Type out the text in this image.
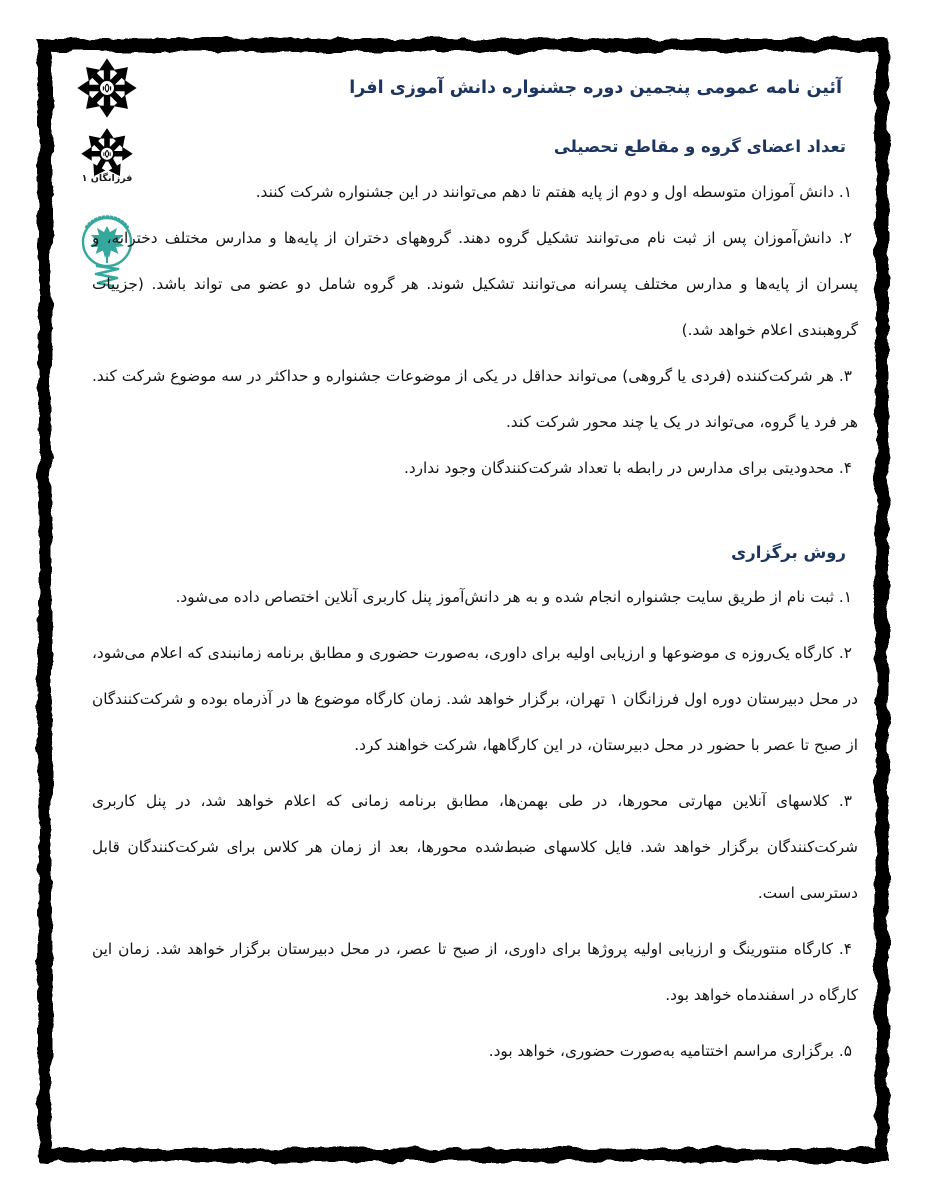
فرزانگان ۱
آئین نامه عمومی پنجمین دوره جشنواره دانش آموزی افرا
تعداد اعضای گروه و مقاطع تحصیلی

۱. دانش آموزان متوسطه اول و دوم از پایه هفتم تا دهم می‌توانند در این جشنواره شرکت کنند.

۲. دانش‌آموزان پس از ثبت نام می‌توانند تشکیل گروه دهند. گروههای دختران از پایه‌ها و مدارس مختلف دخترانه، و پسران از پایه‌ها و مدارس مختلف پسرانه می‌توانند تشکیل شوند. هر گروه شامل دو عضو می تواند باشد. (جزییات گروهبندی اعلام خواهد شد.)

۳. هر شرکت‌کننده (فردی یا گروهی) می‌تواند حداقل در یکی از موضوعات جشنواره و حداکثر در سه موضوع شرکت کند. هر فرد یا گروه، می‌تواند در یک یا چند محور شرکت کند.

۴. محدودیتی برای مدارس در رابطه با تعداد شرکت‌کنندگان وجود ندارد.

روش برگزاری

۱. ثبت نام از طریق سایت جشنواره انجام شده و به هر دانش‌آموز پنل کاربری آنلاین اختصاص داده می‌شود.

۲. کارگاه یک‌روزه ی موضوعها و ارزیابی اولیه برای داوری، به‌صورت حضوری و مطابق برنامه زمانبندی که اعلام می‌شود، در محل دبیرستان دوره اول فرزانگان ۱ تهران، برگزار خواهد شد. زمان کارگاه موضوع ها در آذرماه بوده و شرکت‌کنندگان از صبح تا عصر با حضور در محل دبیرستان، در این کارگاهها، شرکت خواهند کرد.

۳. کلاسهای آنلاین مهارتی محورها، در طی بهمن‌ها، مطابق برنامه زمانی که اعلام خواهد شد، در پنل کاربری شرکت‌کنندگان برگزار خواهد شد. فایل کلاسهای ضبط‌شده محورها، بعد از زمان هر کلاس برای شرکت‌کنندگان قابل دسترسی است.

۴. کارگاه منتورینگ و ارزیابی اولیه پروژها برای داوری، از صبح تا عصر، در محل دبیرستان برگزار خواهد شد. زمان این کارگاه در اسفندماه خواهد بود.

۵. برگزاری مراسم اختتامیه به‌صورت حضوری، خواهد بود.
